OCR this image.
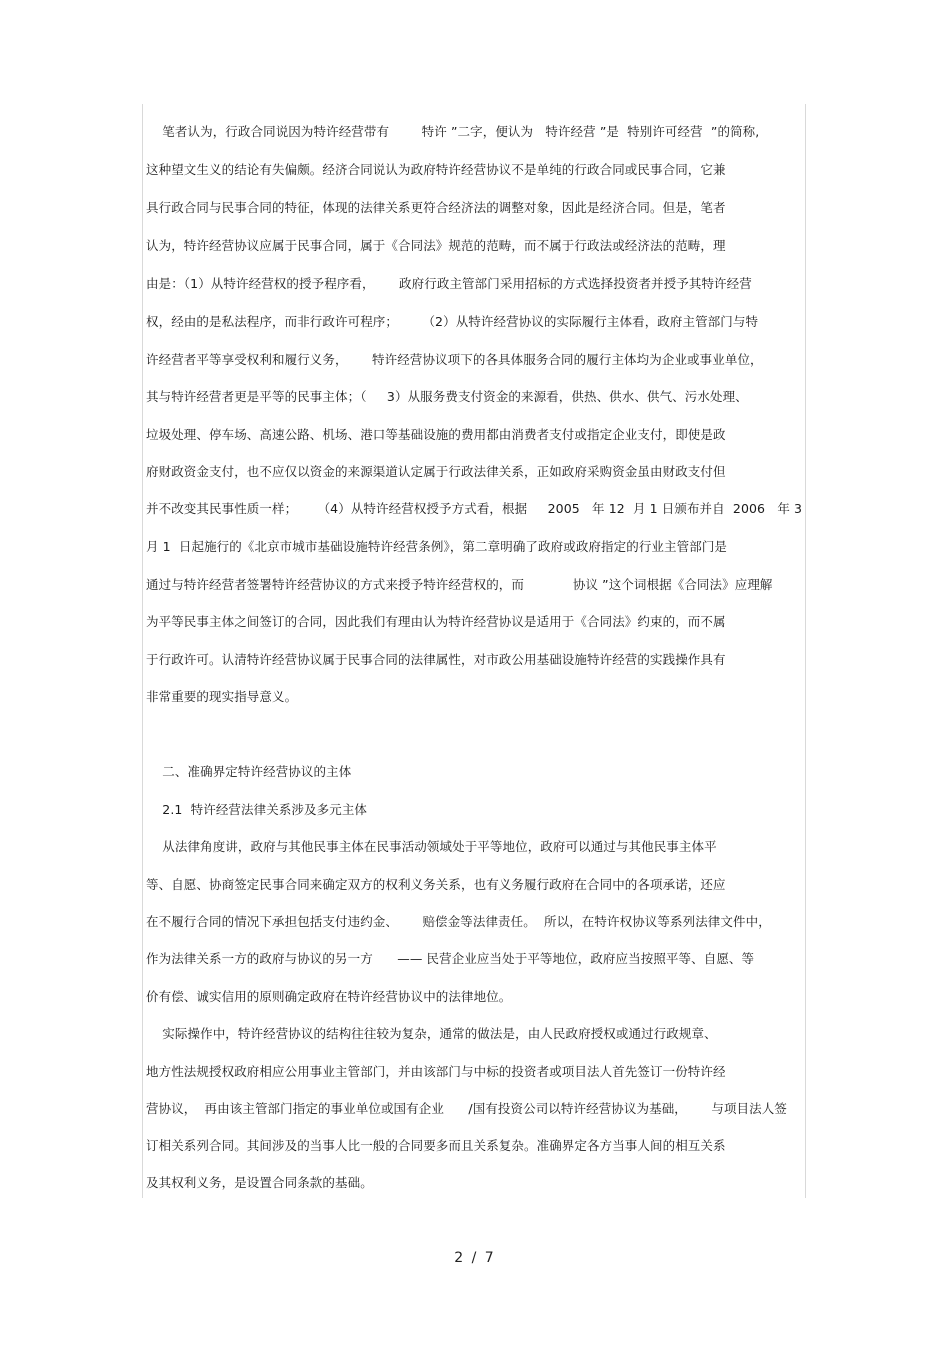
笔者认为，行政合同说因为特许经营带有        特许 ”二字，便认为   特许经营 ”是  特别许可经营  ”的简称,
这种望文生义的结论有失偏颇。经济合同说认为政府特许经营协议不是单纯的行政合同或民事合同，它兼
具行政合同与民事合同的特征，体现的法律关系更符合经济法的调整对象，因此是经济合同。但是，笔者
认为，特许经营协议应属于民事合同，属于《合同法》规范的范畴，而不属于行政法或经济法的范畴，理
由是：（1）从特许经营权的授予程序看，      政府行政主管部门采用招标的方式选择投资者并授予其特许经营
权，经由的是私法程序，而非行政许可程序；      （2）从特许经营协议的实际履行主体看，政府主管部门与特
许经营者平等享受权利和履行义务，      特许经营协议项下的各具体服务合同的履行主体均为企业或事业单位，
其与特许经营者更是平等的民事主体；（     3）从服务费支付资金的来源看，供热、供水、供气、污水处理、
垃圾处理、停车场、高速公路、机场、港口等基础设施的费用都由消费者支付或指定企业支付，即使是政
府财政资金支付，也不应仅以资金的来源渠道认定属于行政法律关系，正如政府采购资金虽由财政支付但
并不改变其民事性质一样；     （4）从特许经营权授予方式看，根据     2005   年 12  月 1 日颁布并自  2006   年 3
月 1  日起施行的《北京市城市基础设施特许经营条例》，第二章明确了政府或政府指定的行业主管部门是
通过与特许经营者签署特许经营协议的方式来授予特许经营权的，而            协议 ”这个词根据《合同法》应理解
为平等民事主体之间签订的合同，因此我们有理由认为特许经营协议是适用于《合同法》约束的，而不属
于行政许可。认清特许经营协议属于民事合同的法律属性，对市政公用基础设施特许经营的实践操作具有
非常重要的现实指导意义。
二、准确界定特许经营协议的主体
2.1  特许经营法律关系涉及多元主体
从法律角度讲，政府与其他民事主体在民事活动领域处于平等地位，政府可以通过与其他民事主体平
等、自愿、协商签定民事合同来确定双方的权利义务关系，也有义务履行政府在合同中的各项承诺，还应
在不履行合同的情况下承担包括支付违约金、      赔偿金等法律责任。  所以，在特许权协议等系列法律文件中，
作为法律关系一方的政府与协议的另一方      —— 民营企业应当处于平等地位，政府应当按照平等、自愿、等
价有偿、诚实信用的原则确定政府在特许经营协议中的法律地位。
实际操作中，特许经营协议的结构往往较为复杂，通常的做法是，由人民政府授权或通过行政规章、
地方性法规授权政府相应公用事业主管部门，并由该部门与中标的投资者或项目法人首先签订一份特许经
营协议，  再由该主管部门指定的事业单位或国有企业      /国有投资公司以特许经营协议为基础，      与项目法人签
订相关系列合同。其间涉及的当事人比一般的合同要多而且关系复杂。准确界定各方当事人间的相互关系
及其权利义务，是设置合同条款的基础。
2 / 7
